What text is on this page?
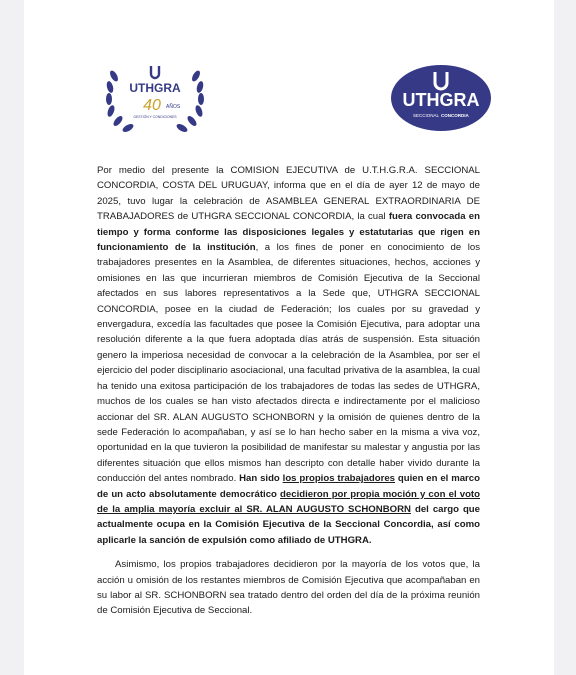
UTHGRA
40 AÑOS
GESTIÓN Y CONDICIONES
UTHGRA
SECCIONAL CONCORDIA

Por medio del presente la COMISION EJECUTIVA de U.T.H.G.R.A. SECCIONAL CONCORDIA, COSTA DEL URUGUAY, informa que en el día de ayer 12 de mayo de 2025, tuvo lugar la celebración de ASAMBLEA GENERAL EXTRAORDINARIA DE TRABAJADORES de UTHGRA SECCIONAL CONCORDIA, la cual fuera convocada en tiempo y forma conforme las disposiciones legales y estatutarias que rigen en funcionamiento de la institución, a los fines de poner en conocimiento de los trabajadores presentes en la Asamblea, de diferentes situaciones, hechos, acciones y omisiones en las que incurrieran miembros de Comisión Ejecutiva de la Seccional afectados en sus labores representativos a la Sede que, UTHGRA SECCIONAL CONCORDIA, posee en la ciudad de Federación; los cuales por su gravedad y envergadura, excedía las facultades que posee la Comisión Ejecutiva, para adoptar una resolución diferente a la que fuera adoptada días atrás de suspensión. Esta situación genero la imperiosa necesidad de convocar a la celebración de la Asamblea, por ser el ejercicio del poder disciplinario asociacional, una facultad privativa de la asamblea, la cual ha tenido una exitosa participación de los trabajadores de todas las sedes de UTHGRA, muchos de los cuales se han visto afectados directa e indirectamente por el malicioso accionar del SR. ALAN AUGUSTO SCHONBORN y la omisión de quienes dentro de la sede Federación lo acompañaban, y así se lo han hecho saber en la misma a viva voz, oportunidad en la que tuvieron la posibilidad de manifestar su malestar y angustia por las diferentes situación que ellos mismos han descripto con detalle haber vivido durante la conducción del antes nombrado. Han sido los propios trabajadores quien en el marco de un acto absolutamente democrático decidieron por propia moción y con el voto de la amplia mayoría excluir al SR. ALAN AUGUSTO SCHONBORN del cargo que actualmente ocupa en la Comisión Ejecutiva de la Seccional Concordia, así como aplicarle la sanción de expulsión como afiliado de UTHGRA.

Asimismo, los propios trabajadores decidieron por la mayoría de los votos que, la acción u omisión de los restantes miembros de Comisión Ejecutiva que acompañaban en su labor al SR. SCHONBORN sea tratado dentro del orden del día de la próxima reunión de Comisión Ejecutiva de Seccional.
